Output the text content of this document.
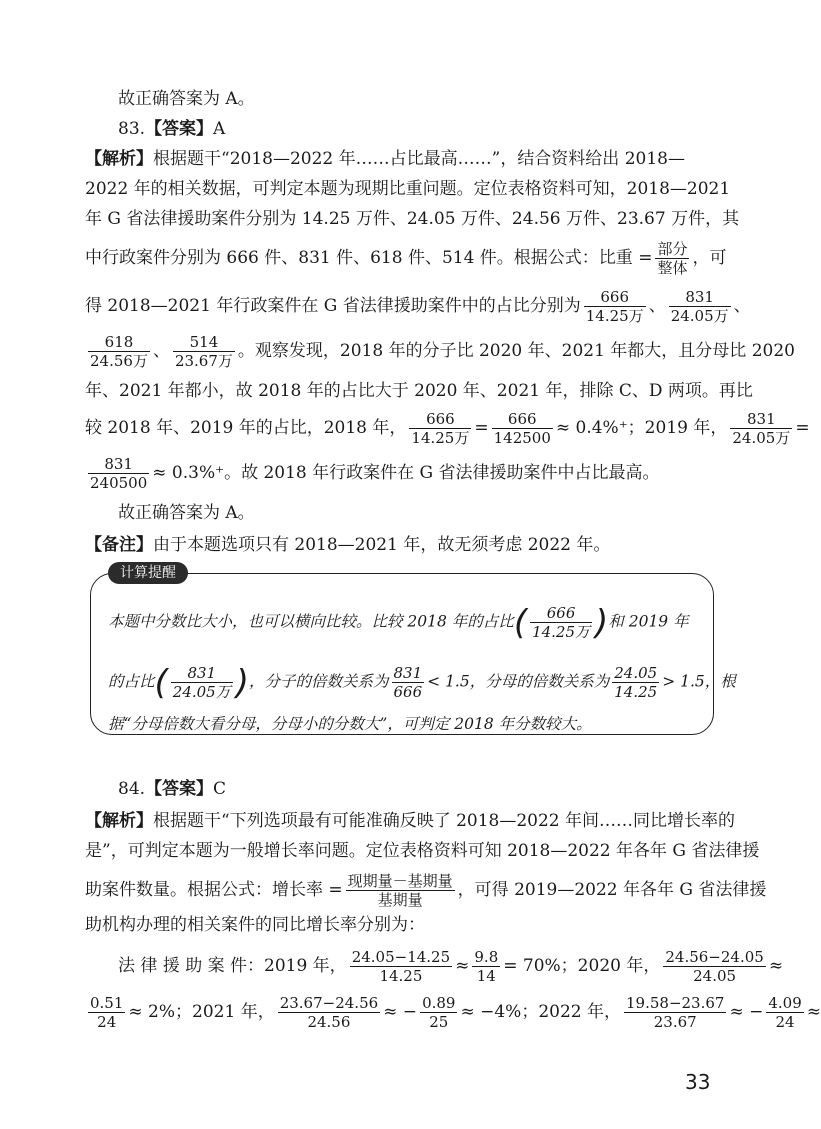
故正确答案为 A。
83.【答案】A
【解析】根据题干“2018—2022 年……占比最高……”，结合资料给出 2018—
2022 年的相关数据，可判定本题为现期比重问题。定位表格资料可知，2018—2021
年 G 省法律援助案件分别为 14.25 万件、24.05 万件、24.56 万件、23.67 万件，其
中行政案件分别为 666 件、831 件、618 件、514 件。根据公式：比重 = $\frac{\text{部分}}{\text{整体}}$ ，可
得 2018—2021 年行政案件在 G 省法律援助案件中的占比分别为 $\frac{666}{\text{14.25万}}$ 、 $\frac{831}{\text{24.05万}}$ 、
$\frac{618}{\text{24.56万}}$ 、 $\frac{514}{\text{23.67万}}$ 。观察发现，2018 年的分子比 2020 年、2021 年都大，且分母比 2020
年、2021 年都小，故 2018 年的占比大于 2020 年、2021 年，排除 C、D 两项。再比
较 2018 年、2019 年的占比，2018 年， $\frac{666}{\text{14.25万}} = \frac{666}{142500} \approx 0.4\%^+$；2019 年， $\frac{831}{\text{24.05万}}$ =
$\frac{831}{240500} \approx 0.3\%^+$。故 2018 年行政案件在 G 省法律援助案件中占比最高。
故正确答案为 A。
【备注】由于本题选项只有 2018—2021 年，故无须考虑 2022 年。
计算提醒
本题中分数比大小，也可以横向比较。比较 2018 年的占比 ( $\frac{666}{\text{14.25万}}$ ) 和 2019 年
的占比 ( $\frac{831}{\text{24.05万}}$ ) ，分子的倍数关系为 $\frac{831}{666} < 1.5$，分母的倍数关系为 $\frac{24.05}{14.25} > 1.5$，根
据“分母倍数大看分母，分母小的分数大”，可判定 2018 年分数较大。
84.【答案】C
【解析】根据题干“下列选项最有可能准确反映了 2018—2022 年间……同比增长率的
是”，可判定本题为一般增长率问题。定位表格资料可知 2018—2022 年各年 G 省法律援
助案件数量。根据公式：增长率 = $\frac{\text{现期量－基期量}}{\text{基期量}}$ ，可得 2019—2022 年各年 G 省法律援
助机构办理的相关案件的同比增长率分别为：
法 律 援 助 案 件：2019 年， $\frac{24.05-14.25}{14.25} \approx \frac{9.8}{14} = 70\%$；2020 年， $\frac{24.56-24.05}{24.05}$ ≈
$\frac{0.51}{24} \approx 2\%$；2021 年， $\frac{23.67-24.56}{24.56}$ ≈ − $\frac{0.89}{25} \approx -4\%$；2022 年， $\frac{19.58-23.67}{23.67}$ ≈ − $\frac{4.09}{24}$ ≈
33
